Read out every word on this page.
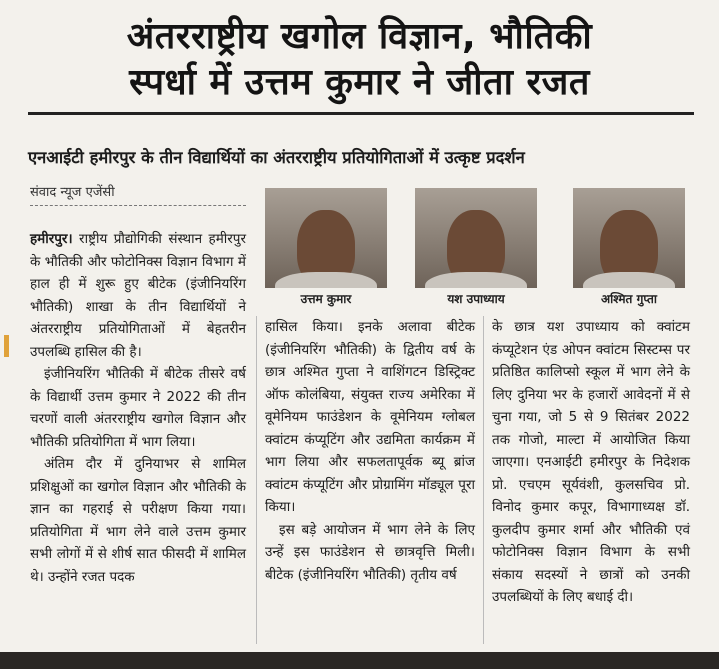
अंतरराष्ट्रीय खगोल विज्ञान, भौतिकी
स्पर्धा में उत्तम कुमार ने जीता रजत
एनआईटी हमीरपुर के तीन विद्यार्थियों का अंतरराष्ट्रीय प्रतियोगिताओं में उत्कृष्ट प्रदर्शन
संवाद न्यूज एजेंसी
उत्तम कुमार	यश उपाध्याय	अश्मित गुप्ता

हमीरपुर। राष्ट्रीय प्रौद्योगिकी संस्थान हमीरपुर के भौतिकी और फोटोनिक्स विज्ञान विभाग में हाल ही में शुरू हुए बीटेक (इंजीनियरिंग भौतिकी) शाखा के तीन विद्यार्थियों ने अंतरराष्ट्रीय प्रतियोगिताओं में बेहतरीन उपलब्धि हासिल की है।

इंजीनियरिंग भौतिकी में बीटेक तीसरे वर्ष के विद्यार्थी उत्तम कुमार ने 2022 की तीन चरणों वाली अंतरराष्ट्रीय खगोल विज्ञान और भौतिकी प्रतियोगिता में भाग लिया।

अंतिम दौर में दुनियाभर से शामिल प्रशिक्षुओं का खगोल विज्ञान और भौतिकी के ज्ञान का गहराई से परीक्षण किया गया। प्रतियोगिता में भाग लेने वाले उत्तम कुमार सभी लोगों में से शीर्ष सात फीसदी में शामिल थे। उन्होंने रजत पदक

हासिल किया। इनके अलावा बीटेक (इंजीनियरिंग भौतिकी) के द्वितीय वर्ष के छात्र अश्मित गुप्ता ने वाशिंगटन डिस्ट्रिक्ट ऑफ कोलंबिया, संयुक्त राज्य अमेरिका में वूमेनियम फाउंडेशन के वूमेनियम ग्लोबल क्वांटम कंप्यूटिंग और उद्यमिता कार्यक्रम में भाग लिया और सफलतापूर्वक ब्यू ब्रांज क्वांटम कंप्यूटिंग और प्रोग्रामिंग मॉड्यूल पूरा किया।

इस बड़े आयोजन में भाग लेने के लिए उन्हें इस फाउंडेशन से छात्रवृत्ति मिली। बीटेक (इंजीनियरिंग भौतिकी) तृतीय वर्ष

के छात्र यश उपाध्याय को क्वांटम कंप्यूटेशन एंड ओपन क्वांटम सिस्टम्स पर प्रतिष्ठित कालिप्सो स्कूल में भाग लेने के लिए दुनिया भर के हजारों आवेदनों में से चुना गया, जो 5 से 9 सितंबर 2022 तक गोजो, माल्टा में आयोजित किया जाएगा। एनआईटी हमीरपुर के निदेशक प्रो. एचएम सूर्यवंशी, कुलसचिव प्रो. विनोद कुमार कपूर, विभागाध्यक्ष डॉ. कुलदीप कुमार शर्मा और भौतिकी एवं फोटोनिक्स विज्ञान विभाग के सभी संकाय सदस्यों ने छात्रों को उनकी उपलब्धियों के लिए बधाई दी।
